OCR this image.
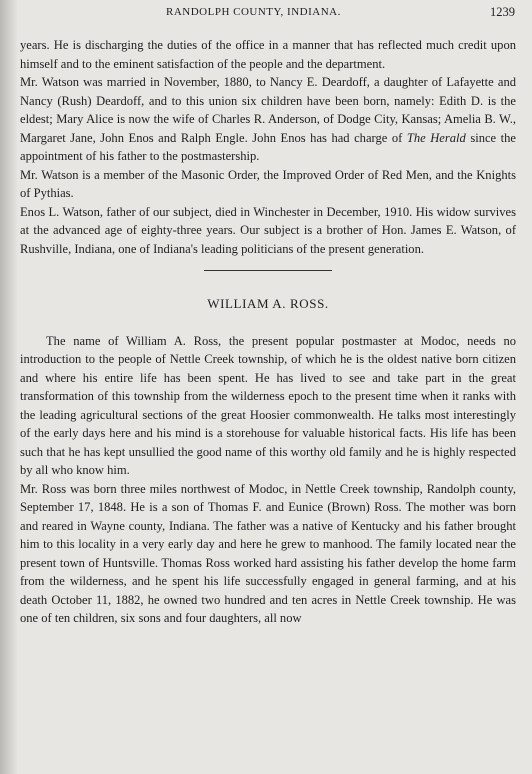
RANDOLPH COUNTY, INDIANA.	1239

years. He is discharging the duties of the office in a manner that has reflected much credit upon himself and to the eminent satisfaction of the people and the department.

Mr. Watson was married in November, 1880, to Nancy E. Deardoff, a daughter of Lafayette and Nancy (Rush) Deardoff, and to this union six children have been born, namely: Edith D. is the eldest; Mary Alice is now the wife of Charles R. Anderson, of Dodge City, Kansas; Amelia B. W., Margaret Jane, John Enos and Ralph Engle. John Enos has had charge of The Herald since the appointment of his father to the postmastership.

Mr. Watson is a member of the Masonic Order, the Improved Order of Red Men, and the Knights of Pythias.

Enos L. Watson, father of our subject, died in Winchester in December, 1910. His widow survives at the advanced age of eighty-three years. Our subject is a brother of Hon. James E. Watson, of Rushville, Indiana, one of Indiana's leading politicians of the present generation.

WILLIAM A. ROSS.

The name of William A. Ross, the present popular postmaster at Modoc, needs no introduction to the people of Nettle Creek township, of which he is the oldest native born citizen and where his entire life has been spent. He has lived to see and take part in the great transformation of this township from the wilderness epoch to the present time when it ranks with the leading agricultural sections of the great Hoosier commonwealth. He talks most interestingly of the early days here and his mind is a storehouse for valuable historical facts. His life has been such that he has kept unsullied the good name of this worthy old family and he is highly respected by all who know him.

Mr. Ross was born three miles northwest of Modoc, in Nettle Creek township, Randolph county, September 17, 1848. He is a son of Thomas F. and Eunice (Brown) Ross. The mother was born and reared in Wayne county, Indiana. The father was a native of Kentucky and his father brought him to this locality in a very early day and here he grew to manhood. The family located near the present town of Huntsville. Thomas Ross worked hard assisting his father develop the home farm from the wilderness, and he spent his life successfully engaged in general farming, and at his death October 11, 1882, he owned two hundred and ten acres in Nettle Creek township. He was one of ten children, six sons and four daughters, all now
